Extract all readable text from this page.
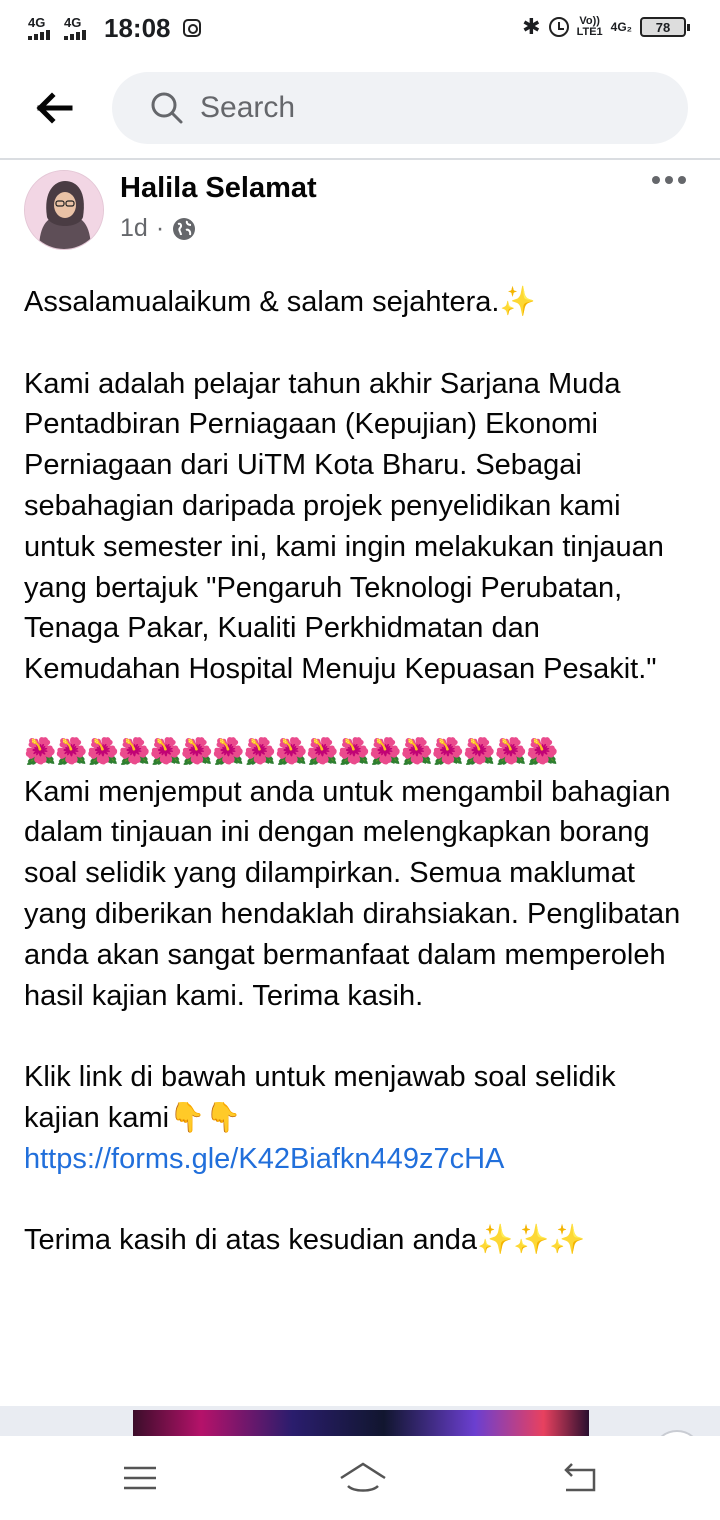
4G 4G 18:08	✱	Vo))
LTE1 4G₂ 78
Search
Halila Selamat
1d ·

Assalamualaikum & salam sejahtera.✨

Kami adalah pelajar tahun akhir Sarjana Muda Pentadbiran Perniagaan (Kepujian) Ekonomi Perniagaan dari UiTM Kota Bharu. Sebagai sebahagian daripada projek penyelidikan kami untuk semester ini, kami ingin melakukan tinjauan yang bertajuk "Pengaruh Teknologi Perubatan, Tenaga Pakar, Kualiti Perkhidmatan dan Kemudahan Hospital Menuju Kepuasan Pesakit."

🌺🌺🌺🌺🌺🌺🌺🌺🌺🌺🌺🌺🌺🌺🌺🌺🌺

Kami menjemput anda untuk mengambil bahagian dalam tinjauan ini dengan melengkapkan borang soal selidik yang dilampirkan. Semua maklumat yang diberikan hendaklah dirahsiakan. Penglibatan anda akan sangat bermanfaat dalam memperoleh hasil kajian kami. Terima kasih.

Klik link di bawah untuk menjawab soal selidik kajian kami👇👇

https://forms.gle/K42Biafkn449z7cHA

Terima kasih di atas kesudian anda✨✨✨
